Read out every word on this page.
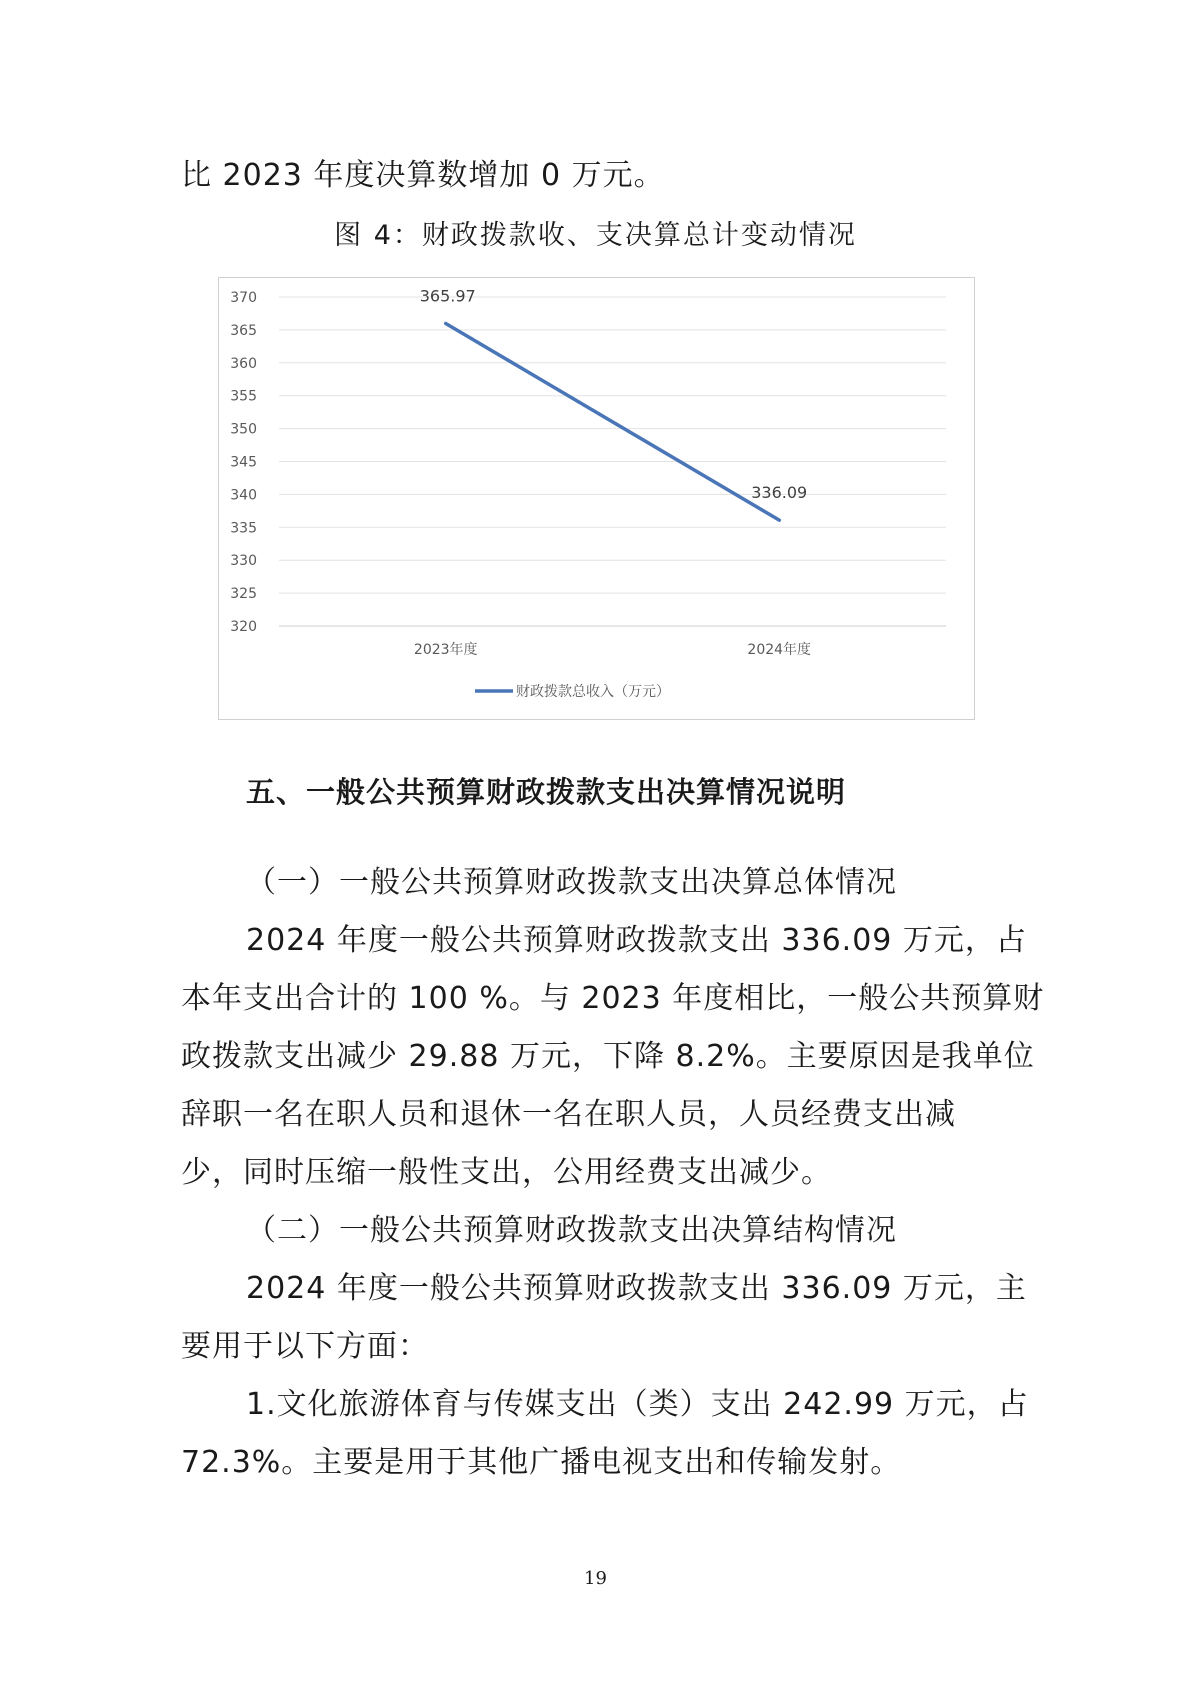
比 2023 年度决算数增加 0 万元。
图 4：财政拨款收、支决算总计变动情况
320
325
330
335
340
345
350
355
360
365
370
2023年度	2024年度
365.97
336.09
财政拨款总收入（万元）
五、一般公共预算财政拨款支出决算情况说明
（一）一般公共预算财政拨款支出决算总体情况
2024 年度一般公共预算财政拨款支出 336.09 万元，占
本年支出合计的 100 %。与 2023 年度相比，一般公共预算财
政拨款支出减少 29.88 万元，下降 8.2%。主要原因是我单位
辞职一名在职人员和退休一名在职人员，人员经费支出减
少，同时压缩一般性支出，公用经费支出减少。
（二）一般公共预算财政拨款支出决算结构情况
2024 年度一般公共预算财政拨款支出 336.09 万元，主
要用于以下方面：
1.文化旅游体育与传媒支出（类）支出 242.99 万元，占
72.3%。主要是用于其他广播电视支出和传输发射。
19
